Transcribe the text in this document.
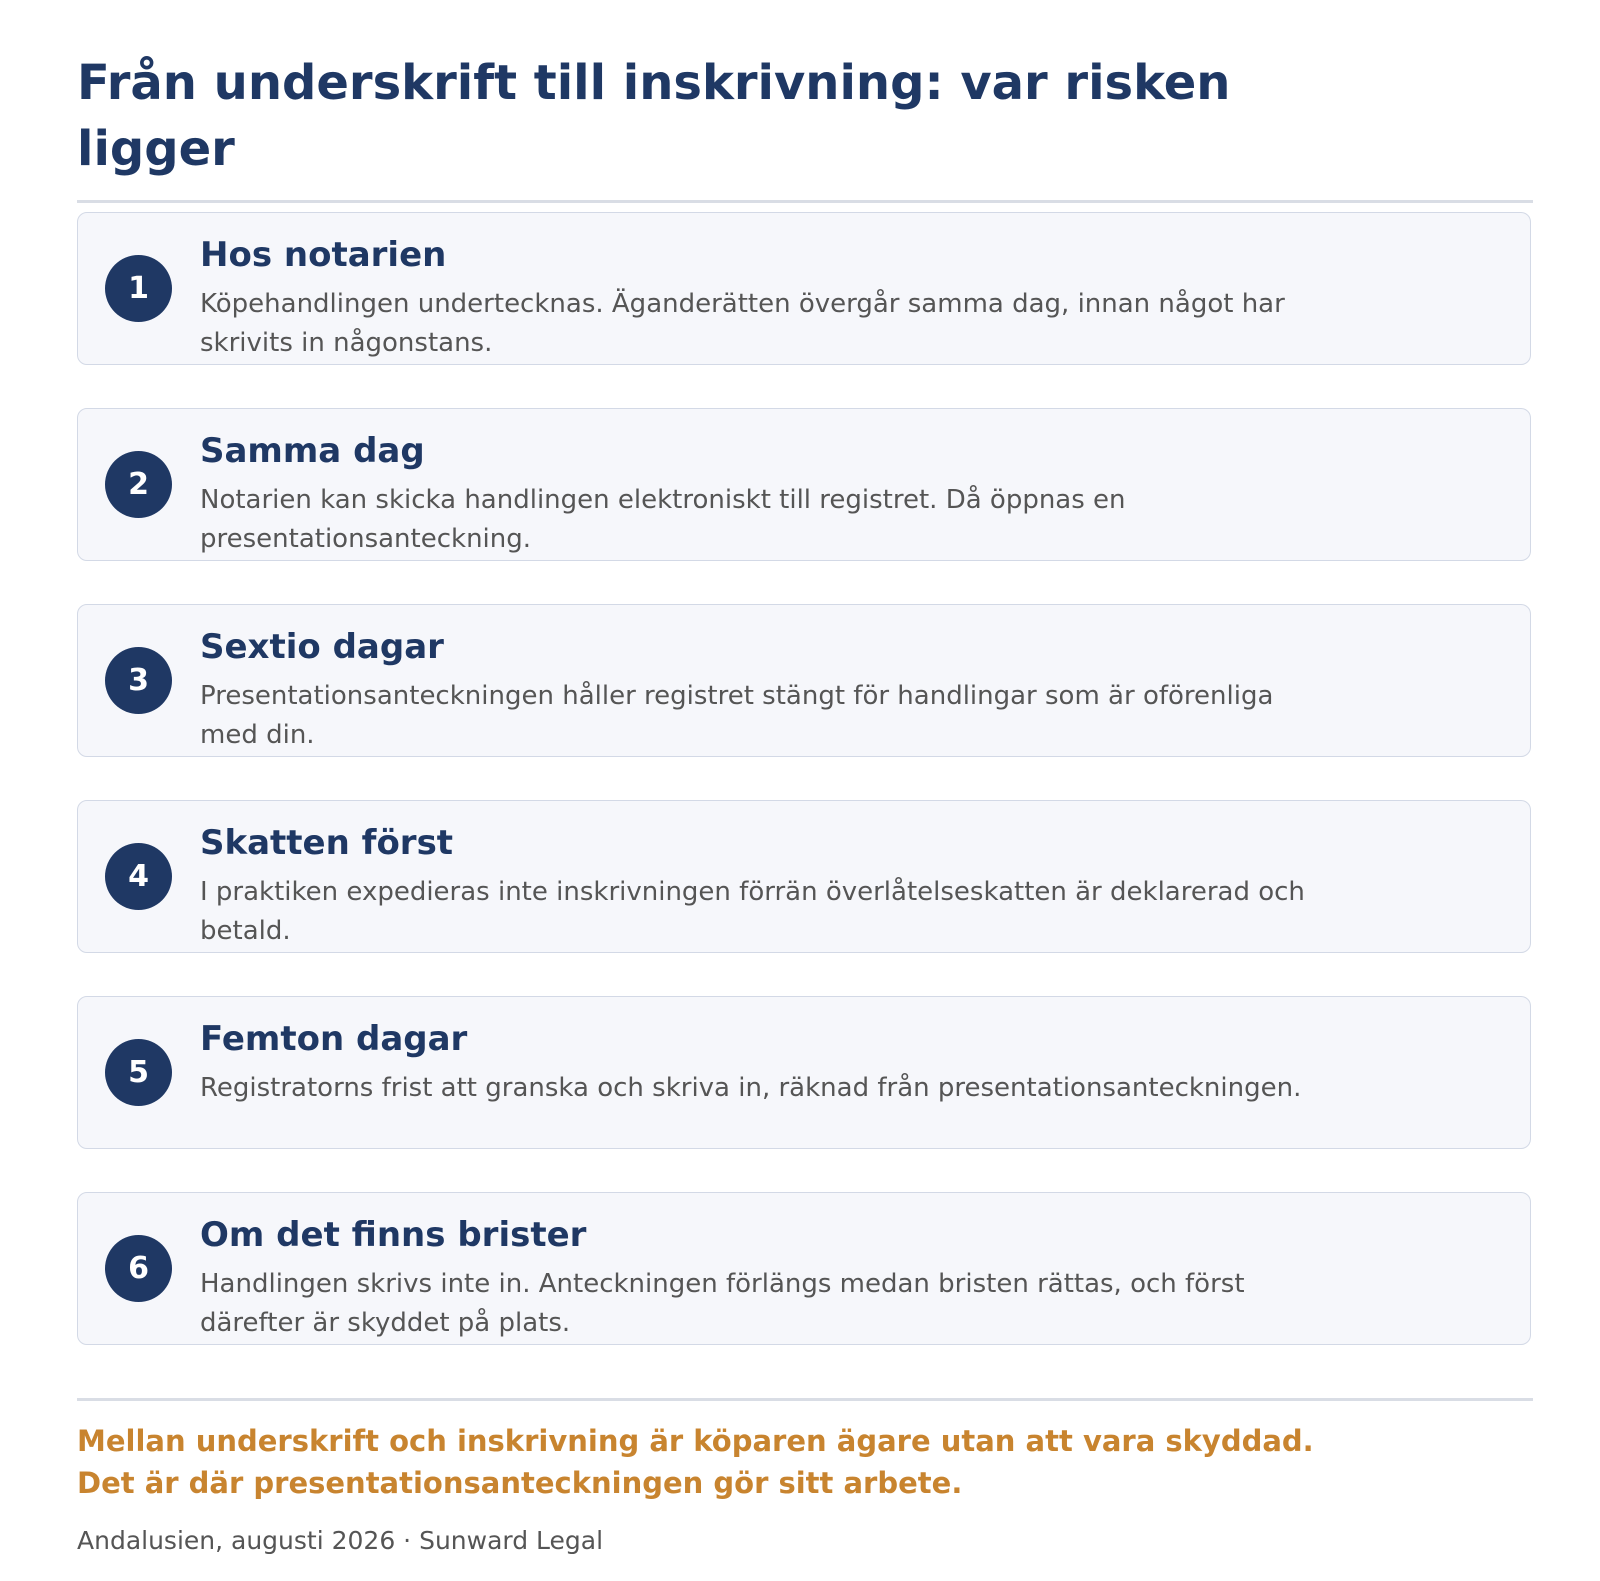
Från underskrift till inskrivning: var risken ligger
1
Hos notarien

Köpehandlingen undertecknas. Äganderätten övergår samma dag, innan något har skrivits in någonstans.

2
Samma dag

Notarien kan skicka handlingen elektroniskt till registret. Då öppnas en presentationsanteckning.

3
Sextio dagar

Presentationsanteckningen håller registret stängt för handlingar som är oförenliga med din.

4
Skatten först

I praktiken expedieras inte inskrivningen förrän överlåtelseskatten är deklarerad och betald.

5
Femton dagar

Registratorns frist att granska och skriva in, räknad från presentationsanteckningen.

6
Om det finns brister

Handlingen skrivs inte in. Anteckningen förlängs medan bristen rättas, och först därefter är skyddet på plats.

Mellan underskrift och inskrivning är köparen ägare utan att vara skyddad. Det är där presentationsanteckningen gör sitt arbete.

Andalusien, augusti 2026 · Sunward Legal
